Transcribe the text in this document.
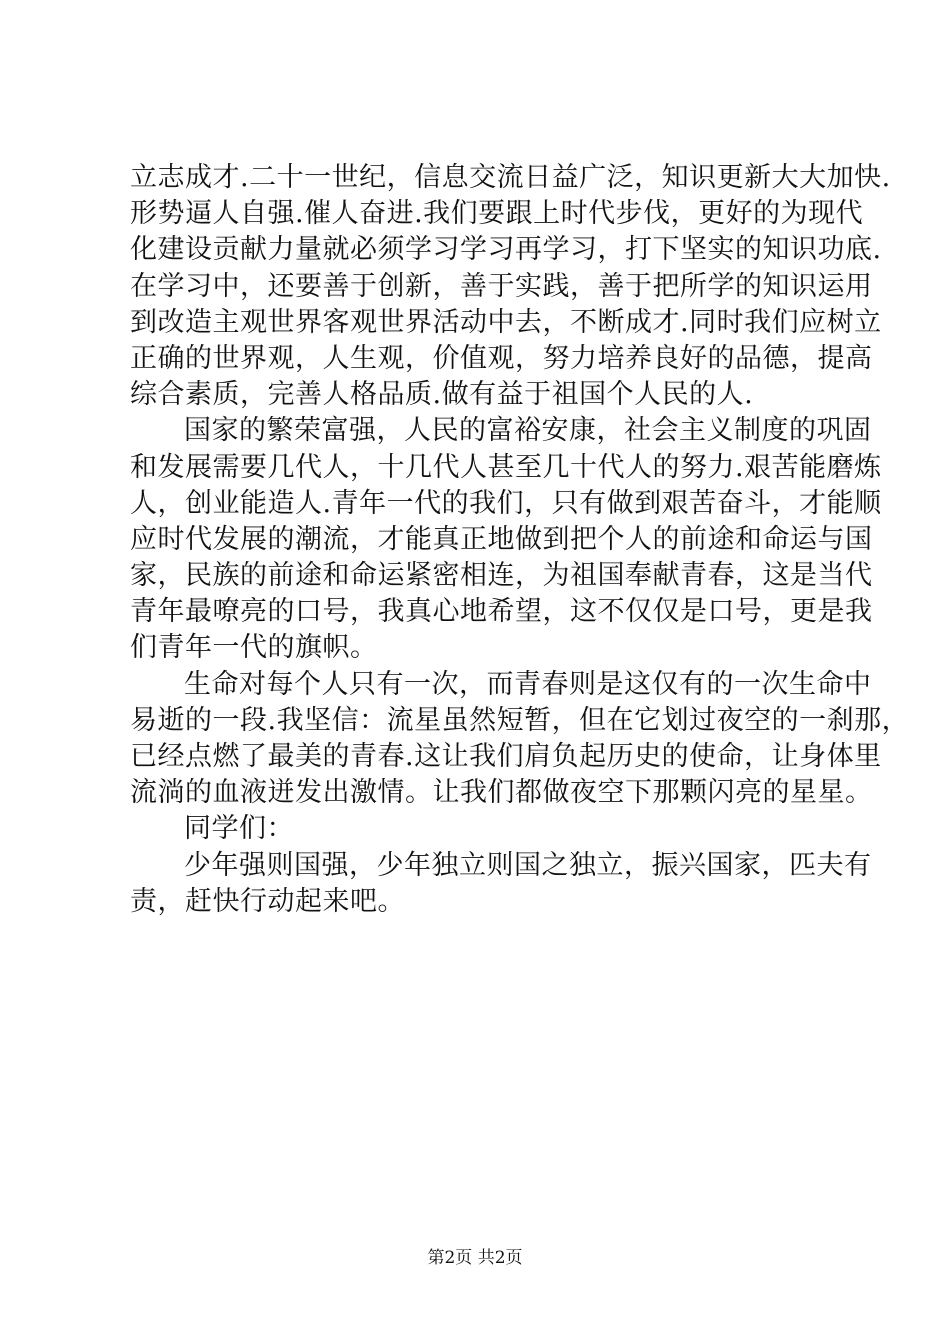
立志成才.二十一世纪，信息交流日益广泛，知识更新大大加快.
形势逼人自强.催人奋进.我们要跟上时代步伐，更好的为现代
化建设贡献力量就必须学习学习再学习，打下坚实的知识功底.
在学习中，还要善于创新，善于实践，善于把所学的知识运用
到改造主观世界客观世界活动中去，不断成才.同时我们应树立
正确的世界观，人生观，价值观，努力培养良好的品德，提高
综合素质，完善人格品质.做有益于祖国个人民的人.
国家的繁荣富强，人民的富裕安康，社会主义制度的巩固
和发展需要几代人，十几代人甚至几十代人的努力.艰苦能磨炼
人，创业能造人.青年一代的我们，只有做到艰苦奋斗，才能顺
应时代发展的潮流，才能真正地做到把个人的前途和命运与国
家，民族的前途和命运紧密相连，为祖国奉献青春，这是当代
青年最嘹亮的口号，我真心地希望，这不仅仅是口号，更是我
们青年一代的旗帜。
生命对每个人只有一次，而青春则是这仅有的一次生命中
易逝的一段.我坚信：流星虽然短暂，但在它划过夜空的一刹那，
已经点燃了最美的青春.这让我们肩负起历史的使命，让身体里
流淌的血液迸发出激情。让我们都做夜空下那颗闪亮的星星。
同学们：
少年强则国强，少年独立则国之独立，振兴国家，匹夫有
责，赶快行动起来吧。
第2页 共2页
